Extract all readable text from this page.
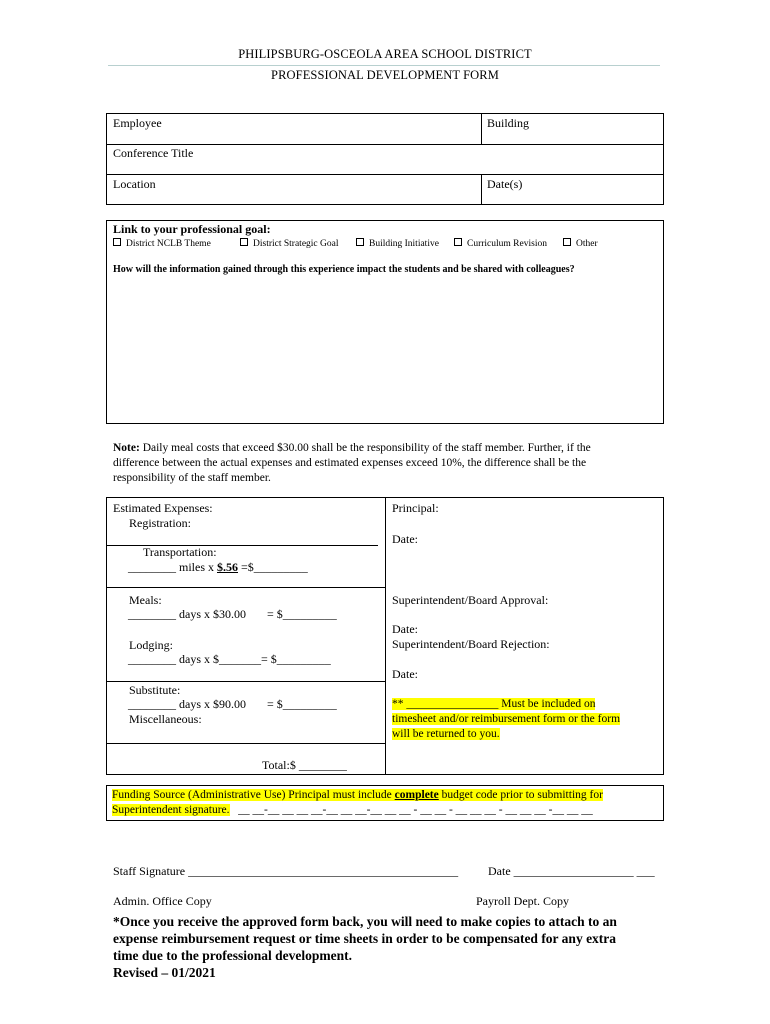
PHILIPSBURG-OSCEOLA AREA SCHOOL DISTRICT
PROFESSIONAL DEVELOPMENT FORM
Employee	Building
Conference Title
Location	Date(s)
Link to your professional goal:
District NCLB Theme	District Strategic Goal	Building Initiative	Curriculum Revision	Other
How will the information gained through this experience impact the students and be shared with colleagues?
Note: Daily meal costs that exceed $30.00 shall be the responsibility of the staff member. Further, if the
difference between the actual expenses and estimated expenses exceed 10%, the difference shall be the
responsibility of the staff member.
Estimated Expenses:
Registration:
Transportation:
________ miles x $.56 =$_________
Meals:
________ days x $30.00       = $_________
Lodging:
________ days x $_______= $_________
Substitute:
________ days x $90.00       = $_________
Miscellaneous:
Total:$ ________
Principal:
Date:
Superintendent/Board Approval:
Date:
Superintendent/Board Rejection:
Date:
** ________________ Must be included on
timesheet and/or reimbursement form or the form
will be returned to you.
Funding Source (Administrative Use) Principal must include complete budget code prior to submitting for
Superintendent signature.   __ __-__ __ __ __-__ __ __-__ __ __ - __ __ - __ __ __ - __ __ __ -__ __ __
Staff Signature _____________________________________________ Date ____________________ ___
Admin. Office Copy	Payroll Dept. Copy
*Once you receive the approved form back, you will need to make copies to attach to an
expense reimbursement request or time sheets in order to be compensated for any extra
time due to the professional development.
Revised – 01/2021
